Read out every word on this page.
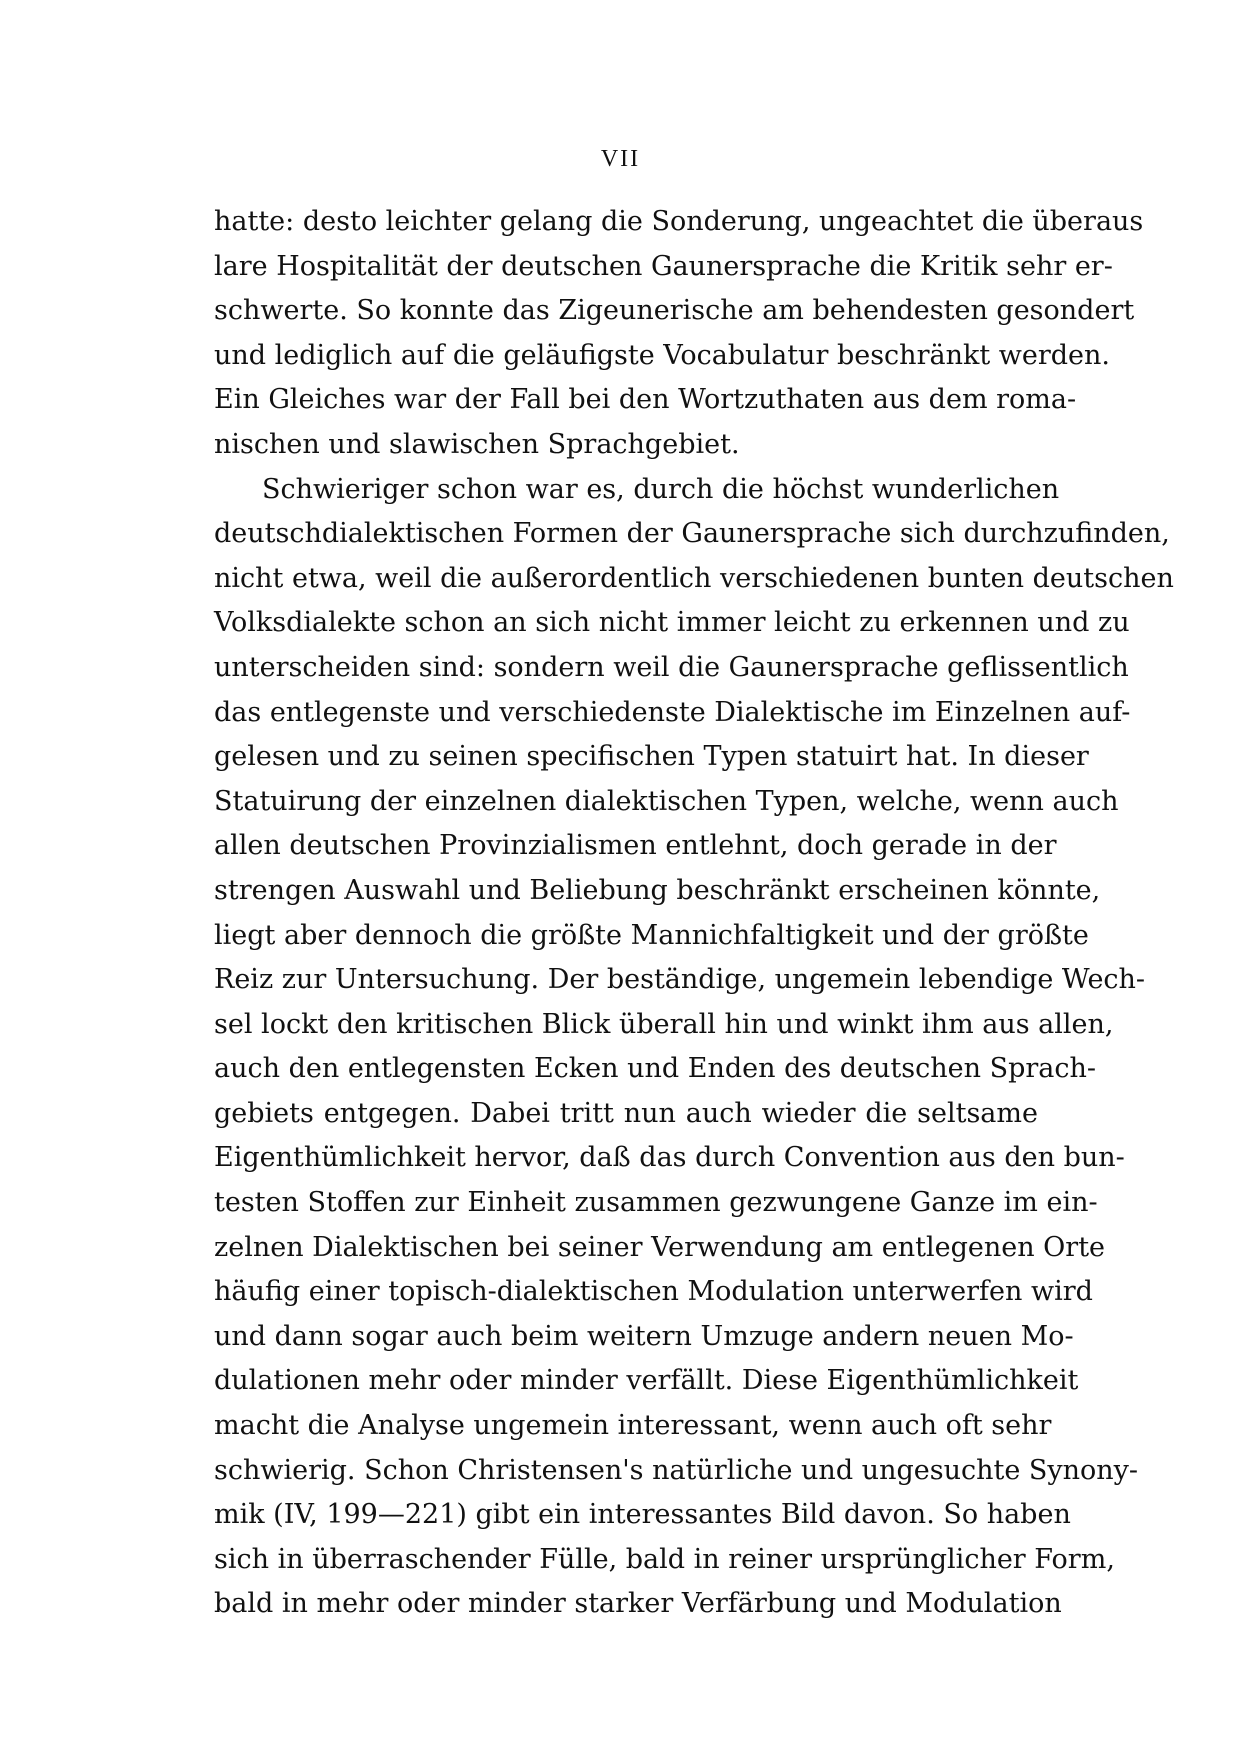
VII
hatte: desto leichter gelang die Sonderung, ungeachtet die überaus
lare Hospitalität der deutschen Gaunersprache die Kritik sehr er-
schwerte. So konnte das Zigeunerische am behendesten gesondert
und lediglich auf die geläufigste Vocabulatur beschränkt werden.
Ein Gleiches war der Fall bei den Wortzuthaten aus dem roma-
nischen und slawischen Sprachgebiet.
Schwieriger schon war es, durch die höchst wunderlichen
deutschdialektischen Formen der Gaunersprache sich durchzufinden,
nicht etwa, weil die außerordentlich verschiedenen bunten deutschen
Volksdialekte schon an sich nicht immer leicht zu erkennen und zu
unterscheiden sind: sondern weil die Gaunersprache geflissentlich
das entlegenste und verschiedenste Dialektische im Einzelnen auf-
gelesen und zu seinen specifischen Typen statuirt hat. In dieser
Statuirung der einzelnen dialektischen Typen, welche, wenn auch
allen deutschen Provinzialismen entlehnt, doch gerade in der
strengen Auswahl und Beliebung beschränkt erscheinen könnte,
liegt aber dennoch die größte Mannichfaltigkeit und der größte
Reiz zur Untersuchung. Der beständige, ungemein lebendige Wech-
sel lockt den kritischen Blick überall hin und winkt ihm aus allen,
auch den entlegensten Ecken und Enden des deutschen Sprach-
gebiets entgegen. Dabei tritt nun auch wieder die seltsame
Eigenthümlichkeit hervor, daß das durch Convention aus den bun-
testen Stoffen zur Einheit zusammen gezwungene Ganze im ein-
zelnen Dialektischen bei seiner Verwendung am entlegenen Orte
häufig einer topisch-dialektischen Modulation unterwerfen wird
und dann sogar auch beim weitern Umzuge andern neuen Mo-
dulationen mehr oder minder verfällt. Diese Eigenthümlichkeit
macht die Analyse ungemein interessant, wenn auch oft sehr
schwierig. Schon Christensen's natürliche und ungesuchte Synony-
mik (IV, 199—221) gibt ein interessantes Bild davon. So haben
sich in überraschender Fülle, bald in reiner ursprünglicher Form,
bald in mehr oder minder starker Verfärbung und Modulation
